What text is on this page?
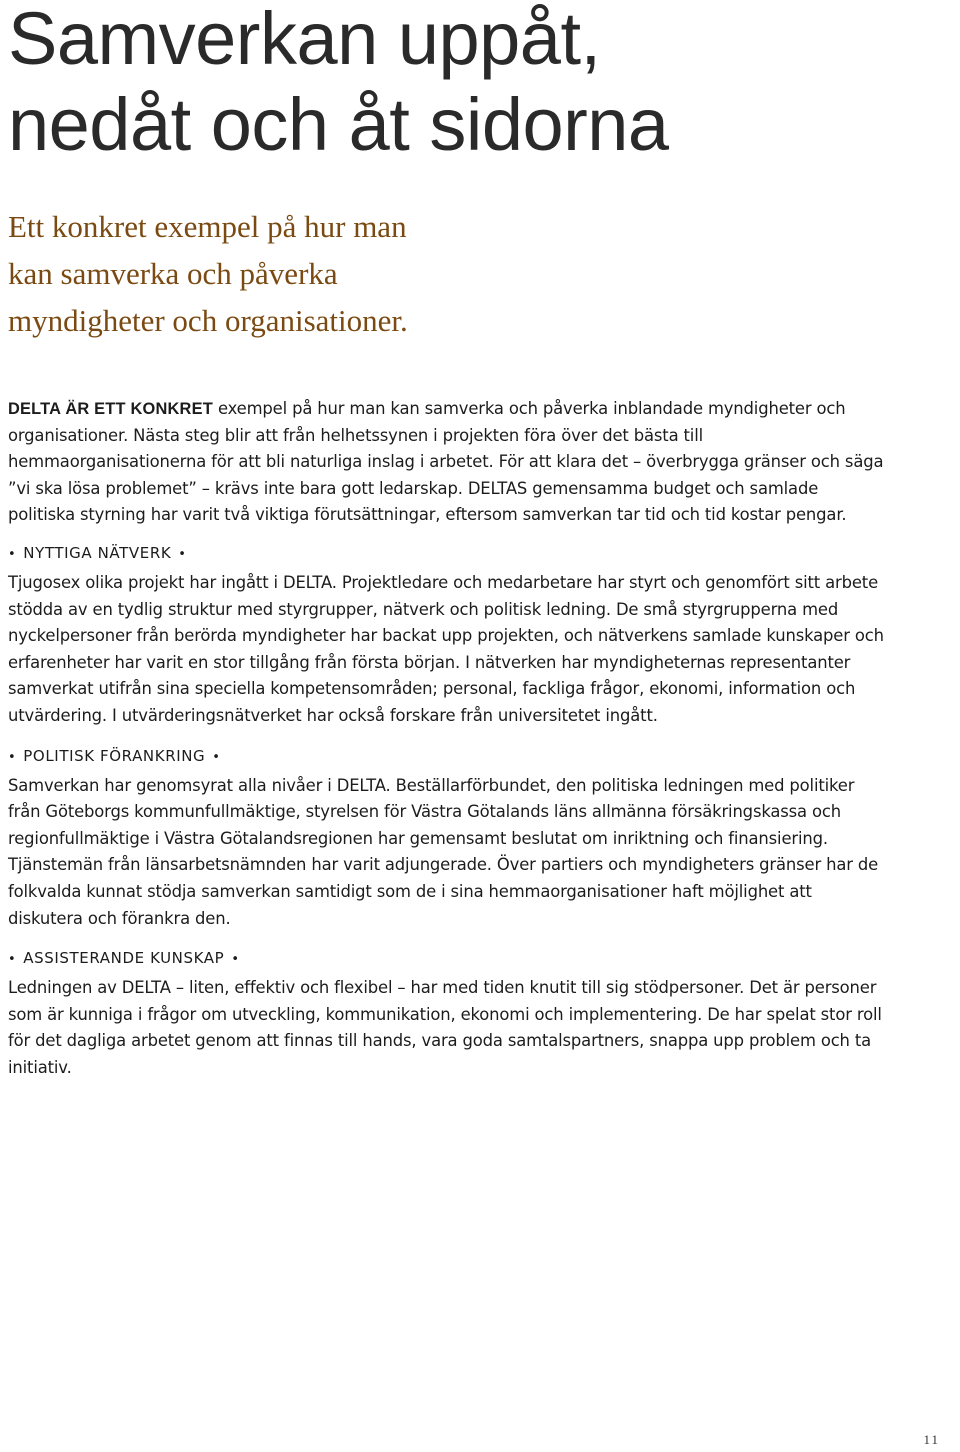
Samverkan uppåt,
nedåt och åt sidorna
Ett konkret exempel på hur man
kan samverka och påverka
myndigheter och organisationer.

DELTA ÄR ETT KONKRET exempel på hur man kan samverka och påverka inblandade myndigheter och organisationer. Nästa steg blir att från helhetssynen i projekten föra över det bästa till hemmaorganisationerna för att bli naturliga inslag i arbetet. För att klara det – överbrygga gränser och säga ”vi ska lösa problemet” – krävs inte bara gott ledarskap. DELTAS gemensamma budget och samlade politiska styrning har varit två viktiga förutsättningar, eftersom samverkan tar tid och tid kostar pengar.

• NYTTIGA NÄTVERK •

Tjugosex olika projekt har ingått i DELTA. Projektledare och medarbetare har styrt och genomfört sitt arbete stödda av en tydlig struktur med styrgrupper, nätverk och politisk ledning. De små styrgrupperna med nyckelpersoner från berörda myndigheter har backat upp projekten, och nätverkens samlade kunskaper och erfarenheter har varit en stor tillgång från första början. I nätverken har myndigheternas representanter samverkat utifrån sina speciella kompetensområden; personal, fackliga frågor, ekonomi, information och utvärdering. I utvärderingsnätverket har också forskare från universitetet ingått.

• POLITISK FÖRANKRING •

Samverkan har genomsyrat alla nivåer i DELTA. Beställarförbundet, den politiska ledningen med politiker från Göteborgs kommunfullmäktige, styrelsen för Västra Götalands läns allmänna försäkringskassa och regionfullmäktige i Västra Götalandsregionen har gemensamt beslutat om inriktning och finansiering. Tjänstemän från länsarbetsnämnden har varit adjungerade. Över partiers och myndigheters gränser har de folkvalda kunnat stödja samverkan samtidigt som de i sina hemmaorganisationer haft möjlighet att diskutera och förankra den.

• ASSISTERANDE KUNSKAP •

Ledningen av DELTA – liten, effektiv och flexibel – har med tiden knutit till sig stödpersoner. Det är personer som är kunniga i frågor om utveckling, kommunikation, ekonomi och implementering. De har spelat stor roll för det dagliga arbetet genom att finnas till hands, vara goda samtalspartners, snappa upp problem och ta initiativ.

11
